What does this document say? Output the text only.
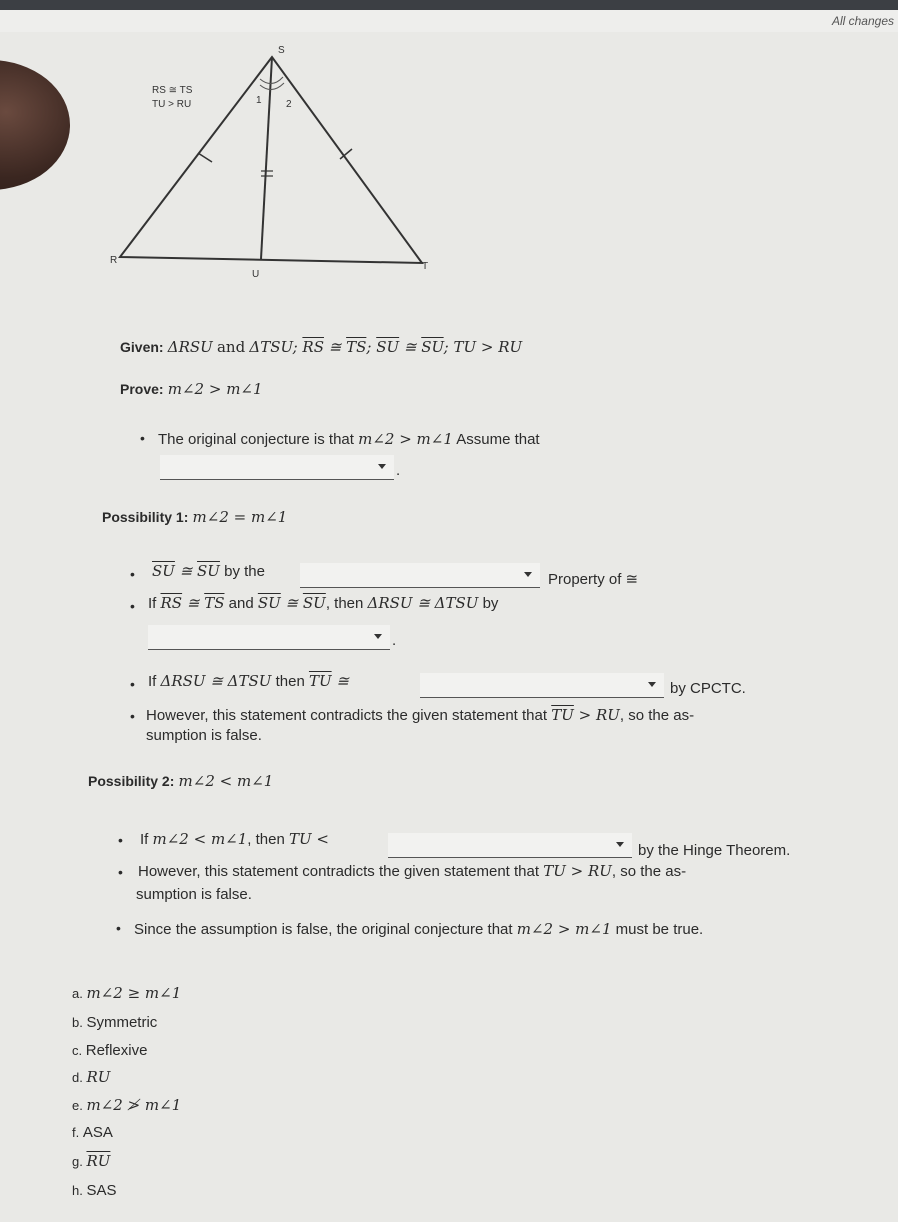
All changes
S
R
T
U
RS ≅ TS
TU > RU	1 2
Given: ΔRSU and ΔTSU; $\overline{RS}$ ≅ $\overline{TS}$; $\overline{SU}$ ≅ $\overline{SU}$; TU > RU
Prove: m∠2 > m∠1
• The original conjecture is that m∠2 > m∠1 Assume that
.
Possibility 1: m∠2 = m∠1
• $\overline{SU}$ ≅ $\overline{SU}$ by the	Property of ≅
• If $\overline{RS}$ ≅ $\overline{TS}$ and $\overline{SU}$ ≅ $\overline{SU}$, then ΔRSU ≅ ΔTSU by
.
• If ΔRSU ≅ ΔTSU then $\overline{TU}$ ≅	by CPCTC.
• However, this statement contradicts the given statement that $\overline{TU}$ > RU, so the as-
sumption is false.
Possibility 2: m∠2 < m∠1
• If m∠2 < m∠1, then TU <
by the Hinge Theorem.
• However, this statement contradicts the given statement that TU > RU, so the as-
sumption is false.
• Since the assumption is false, the original conjecture that m∠2 > m∠1 must be true.
a. m∠2 ≥ m∠1
b. Symmetric
c. Reflexive
d. RU
e. m∠2 ≯ m∠1
f. ASA
g. $\overline{RU}$
h. SAS
